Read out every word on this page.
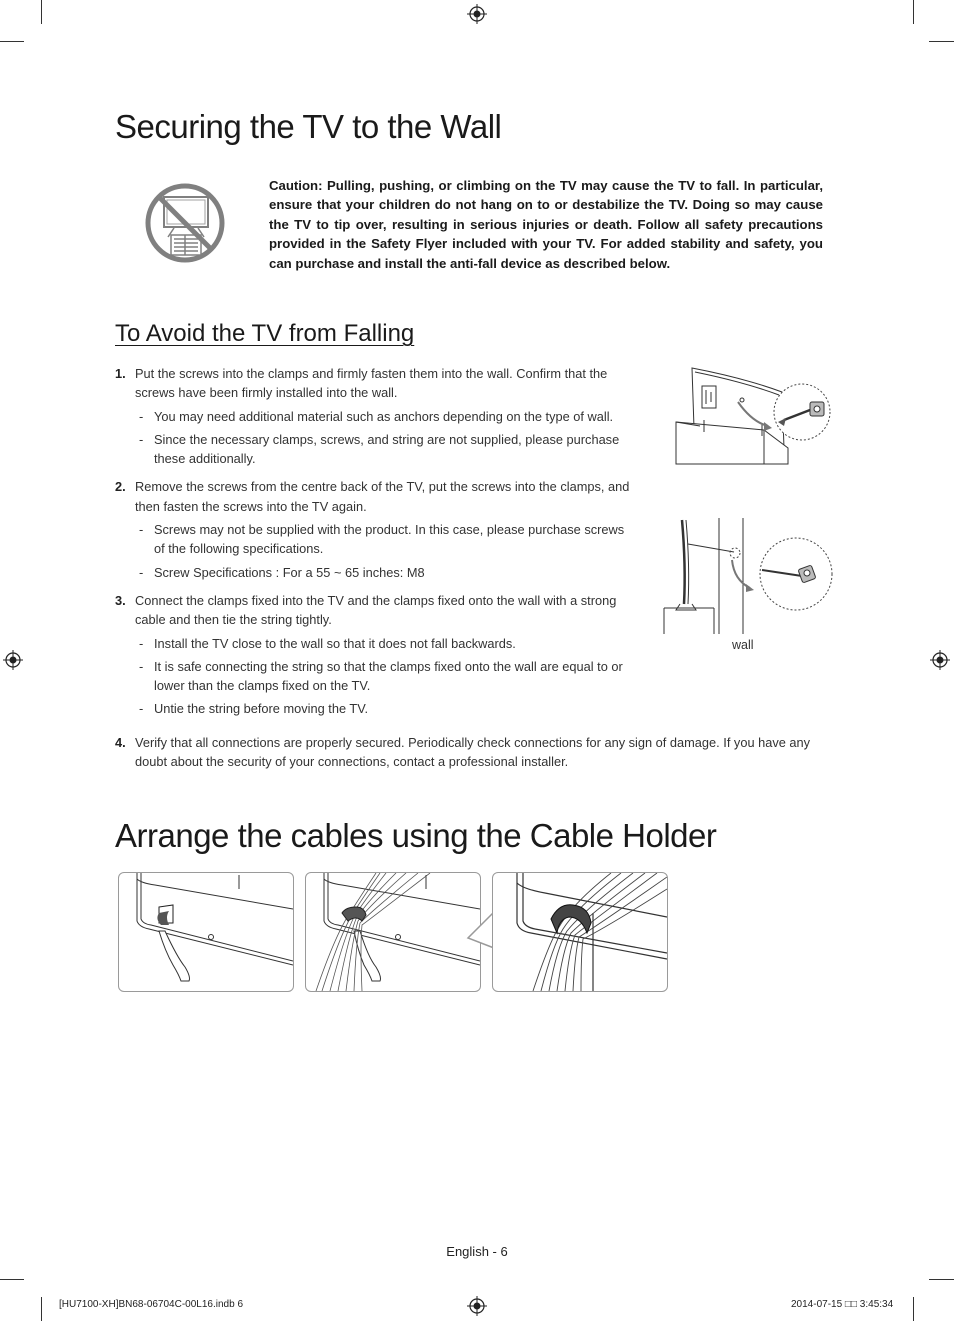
Securing the TV to the Wall
Caution: Pulling, pushing, or climbing on the TV may cause the TV to fall. In particular, ensure that your children do not hang on to or destabilize the TV. Doing so may cause the TV to tip over, resulting in serious injuries or death. Follow all safety precautions provided in the Safety Flyer included with your TV. For added stability and safety, you can purchase and install the anti-fall device as described below.
To Avoid the TV from Falling
1. Put the screws into the clamps and firmly fasten them into the wall. Confirm that the screws have been firmly installed into the wall.
- You may need additional material such as anchors depending on the type of wall.
- Since the necessary clamps, screws, and string are not supplied, please purchase these additionally.
2. Remove the screws from the centre back of the TV, put the screws into the clamps, and then fasten the screws into the TV again.
- Screws may not be supplied with the product. In this case, please purchase screws of the following specifications.
- Screw Specifications : For a 55 ~ 65 inches: M8
3. Connect the clamps fixed into the TV and the clamps fixed onto the wall with a strong cable and then tie the string tightly.
- Install the TV close to the wall so that it does not fall backwards.
- It is safe connecting the string so that the clamps fixed onto the wall are equal to or lower than the clamps fixed on the TV.
- Untie the string before moving the TV.
4. Verify that all connections are properly secured. Periodically check connections for any sign of damage. If you have any doubt about the security of your connections, contact a professional installer.
wall
Arrange the cables using the Cable Holder
English - 6
[HU7100-XH]BN68-06704C-00L16.indb 6	2014-07-15 □□ 3:45:34
